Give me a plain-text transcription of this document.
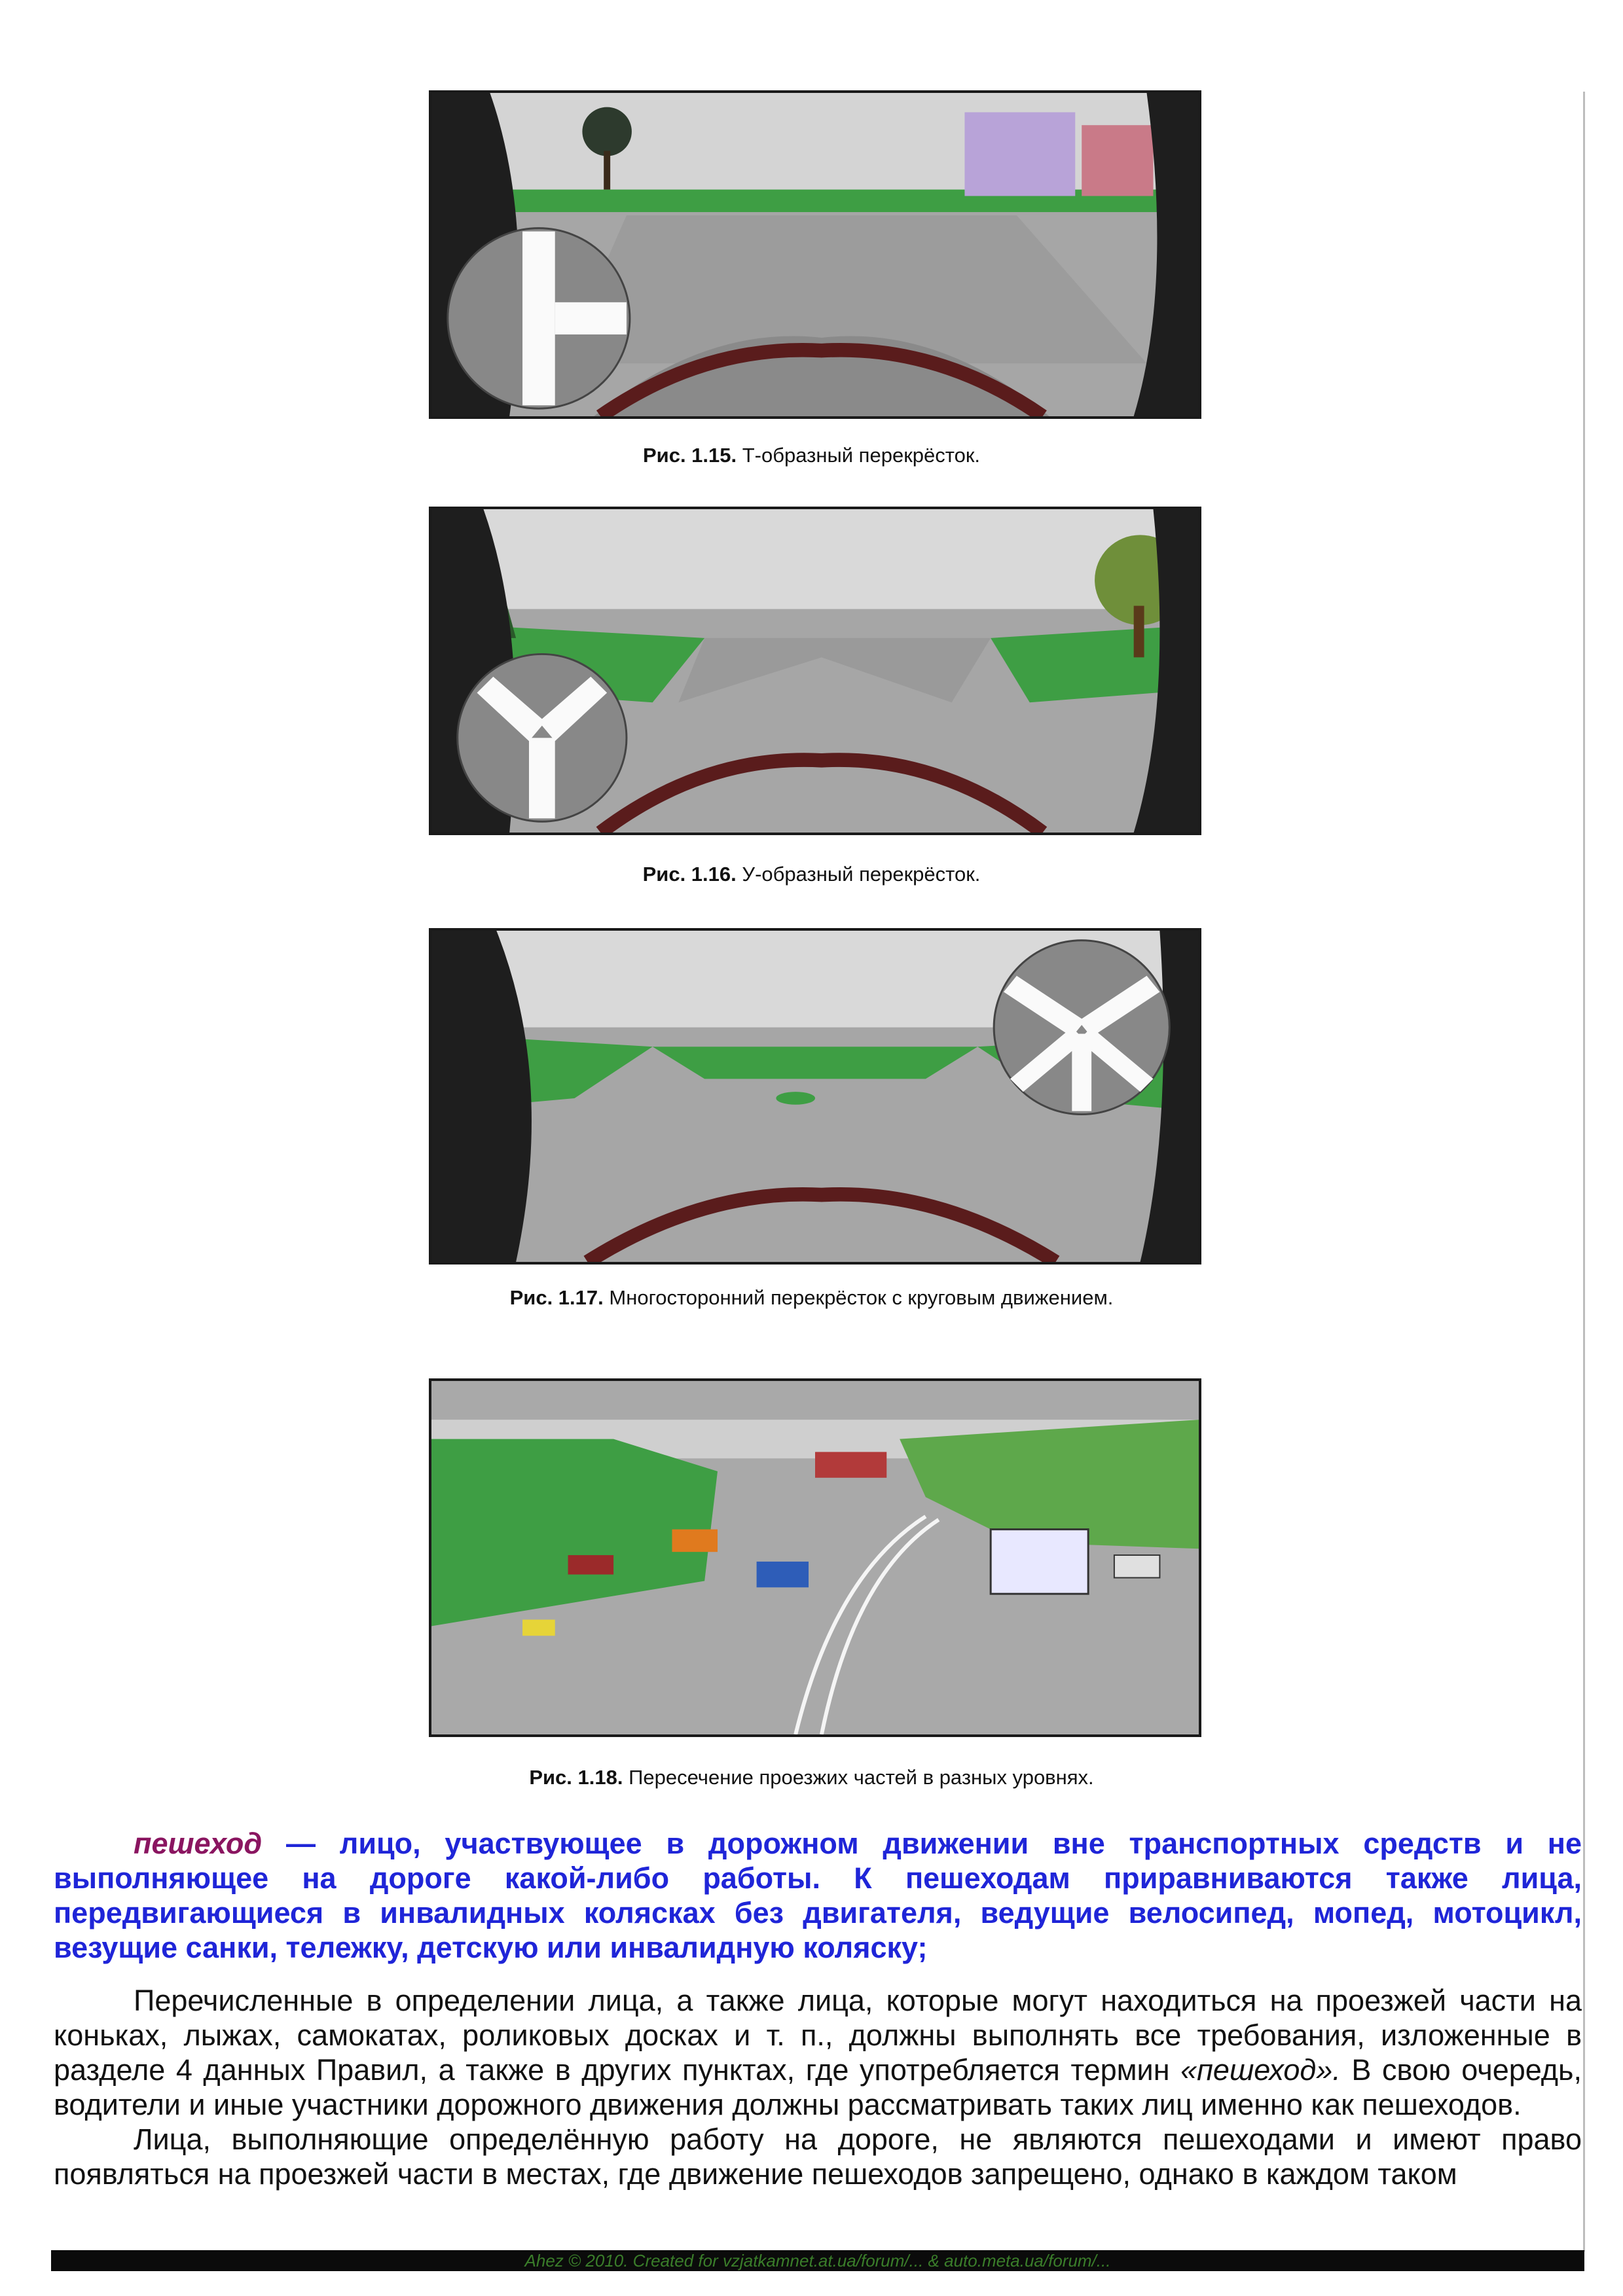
Рис. 1.15. Т-образный перекрёсток.
Рис. 1.16. У-образный перекрёсток.
Рис. 1.17. Многосторонний перекрёсток с круговым движением.
Рис. 1.18. Пересечение проезжих частей в разных уровнях.
пешеход — лицо, участвующее в дорожном движении вне транспортных средств и не
выполняющее на дороге какой-либо работы. К пешеходам приравниваются также лица,
передвигающиеся в инвалидных колясках без двигателя, ведущие велосипед, мопед, мотоцикл,
везущие санки, тележку, детскую или инвалидную коляску;

Перечисленные в определении лица, а также лица, которые могут находиться на проезжей части на коньках, лыжах, самокатах, роликовых досках и т. п., должны выполнять все требования, изложенные в разделе 4 данных Правил, а также в других пунктах, где употребляется термин «пешеход». В свою очередь, водители и иные участники дорожного движения должны рассматривать таких лиц именно как пешеходов.

Лица, выполняющие определённую работу на дороге, не являются пешеходами и имеют право появляться на проезжей части в местах, где движение пешеходов запрещено, однако в каждом таком

Ahez © 2010. Created for vzjatkamnet.at.ua/forum/... & auto.meta.ua/forum/...
